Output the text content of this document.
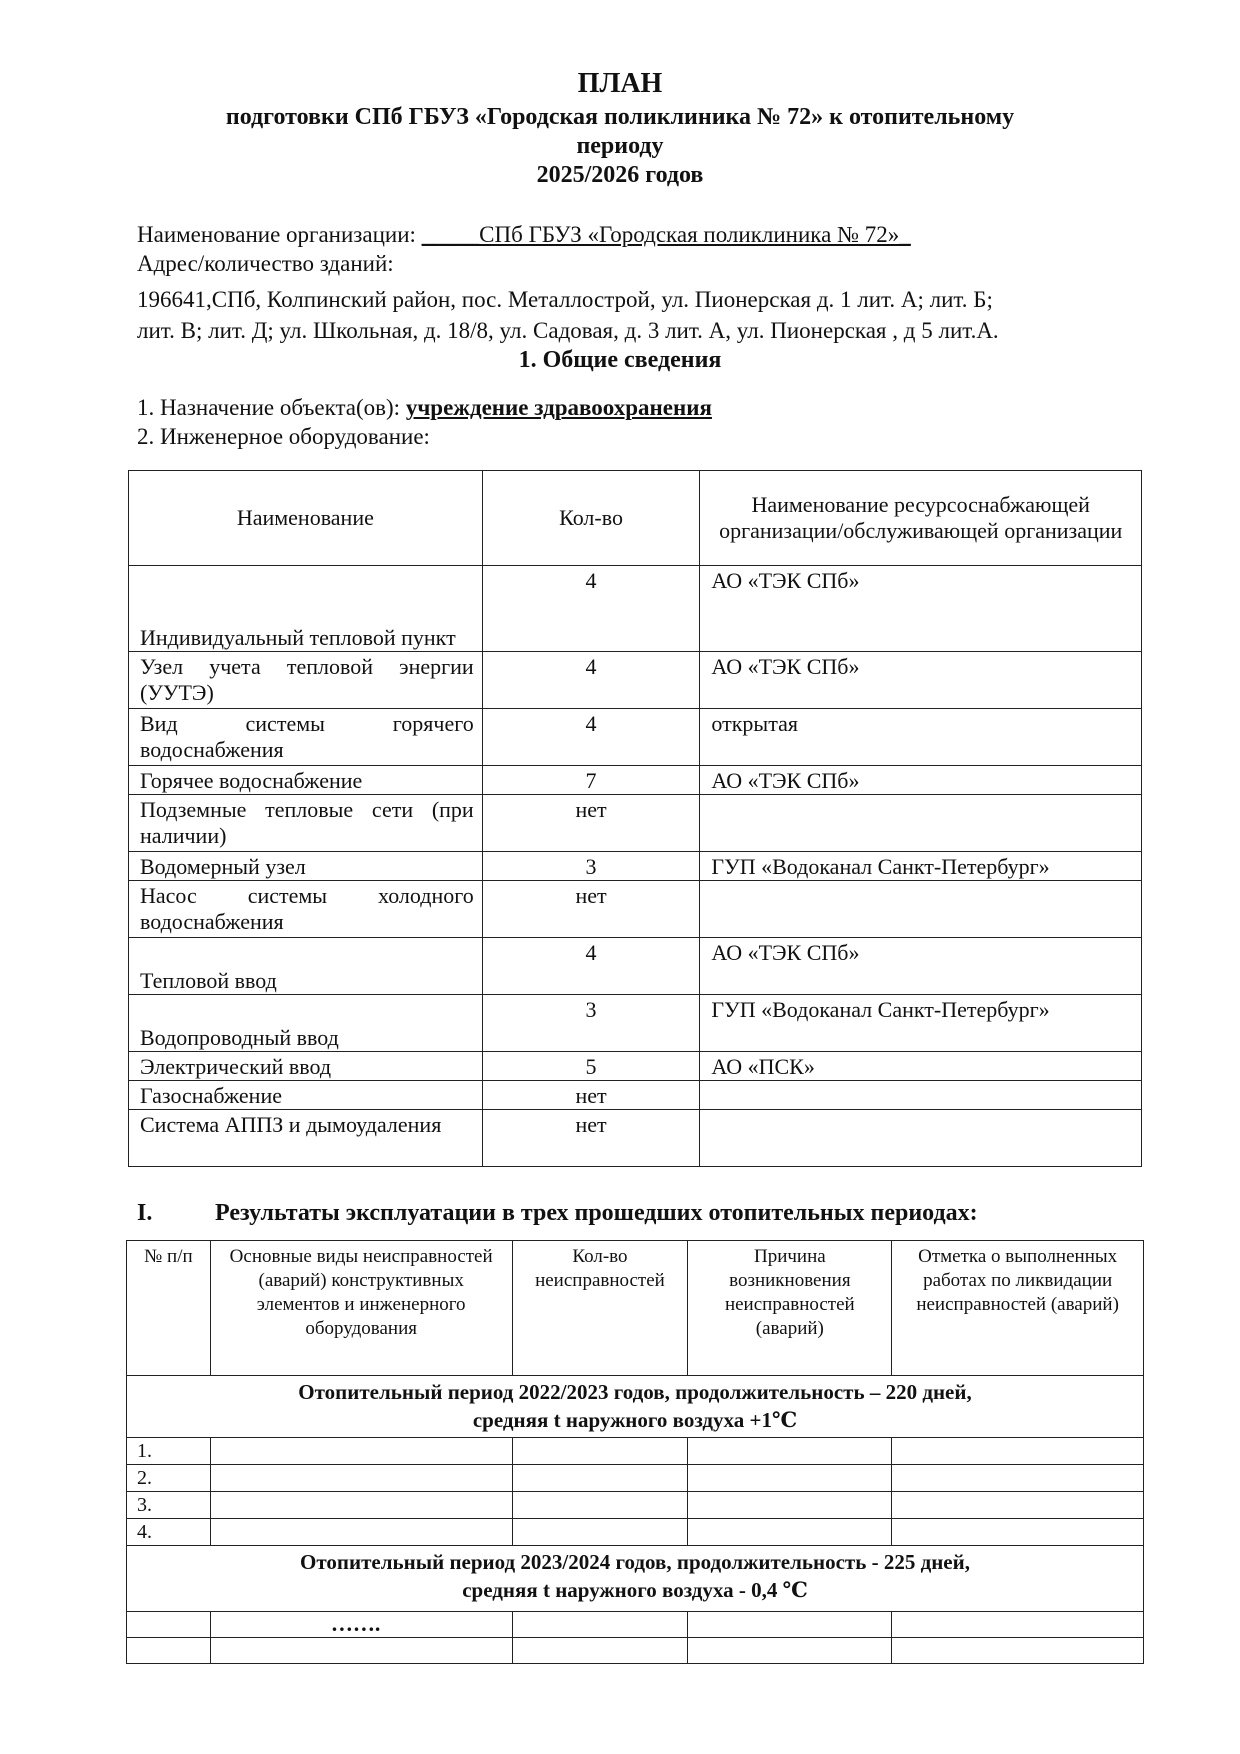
ПЛАН
подготовки СПб ГБУЗ «Городская поликлиника № 72» к отопительному
периоду
2025/2026 годов
Наименование организации: _____СПб ГБУЗ «Городская поликлиника № 72»_
Адрес/количество зданий:
196641,СПб, Колпинский район, пос. Металлострой, ул. Пионерская д. 1 лит. А; лит. Б;
лит. В; лит. Д; ул. Школьная, д. 18/8, ул. Садовая, д. 3 лит. А, ул. Пионерская , д 5 лит.А.
1. Общие сведения
1. Назначение объекта(ов): учреждение здравоохранения
2. Инженерное оборудование:
Наименование	Кол-во	Наименование ресурсоснабжающей организации/обслуживающей организации
Индивидуальный тепловой пункт	4	АО «ТЭК СПб»
Узел учета тепловой энергии (УУТЭ)	4	АО «ТЭК СПб»
Вид системы горячего водоснабжения	4	открытая
Горячее водоснабжение	7	АО «ТЭК СПб»
Подземные тепловые сети (при наличии)	нет	
Водомерный узел	3	ГУП «Водоканал Санкт-Петербург»
Насос системы холодного водоснабжения	нет	
Тепловой ввод	4	АО «ТЭК СПб»
Водопроводный ввод	3	ГУП «Водоканал Санкт-Петербург»
Электрический ввод	5	АО «ПСК»
Газоснабжение	нет	
Система АППЗ и дымоудаления	нет	
I.	Результаты эксплуатации в трех прошедших отопительных периодах:
№ п/п	Основные виды неисправностей (аварий) конструктивных элементов и инженерного оборудования	Кол-во неисправностей	Причина возникновения неисправностей (аварий)	Отметка о выполненных работах по ликвидации неисправностей (аварий)

Отопительный период 2022/2023 годов, продолжительность – 220 дней,
средняя t наружного воздуха +1℃				

1.				
2.				
3.				
4.				

Отопительный период 2023/2024 годов, продолжительность - 225 дней,
средняя t наружного воздуха - 0,4 ℃				

	…….			
